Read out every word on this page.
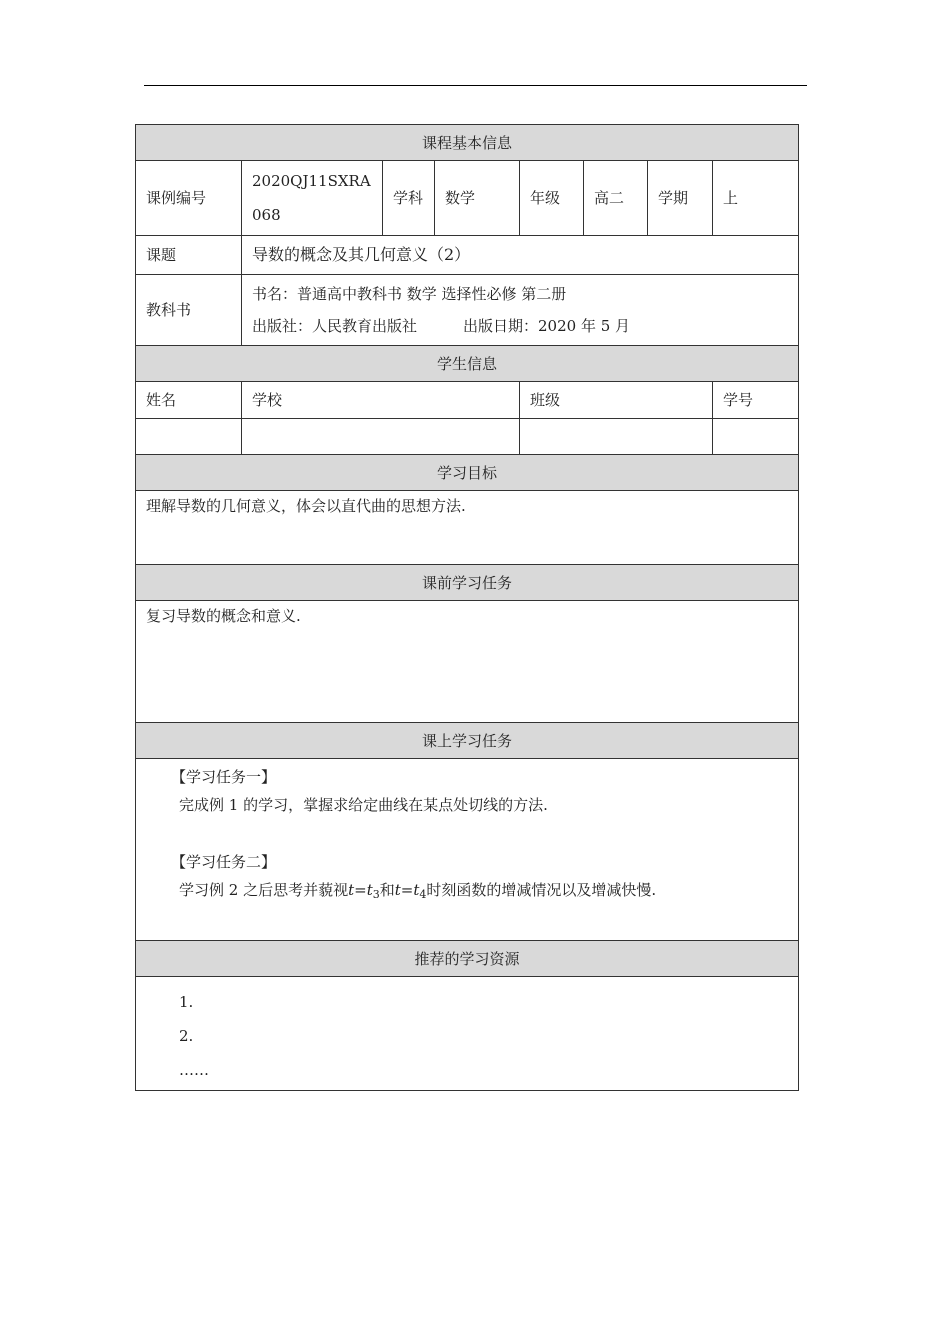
课程基本信息							
课例编号	2020QJ11SXRA068	学科	数学	年级	高二	学期	上
课题	导数的概念及其几何意义（2）						
教科书	书名：普通高中教科书 数学 选择性必修 第二册
出版社：人民教育出版社 出版日期：2020 年 5 月						

学生信息							
姓名	学校			班级			学号

学习目标							
理解导数的几何意义，体会以直代曲的思想方法.							
课前学习任务							
复习导数的概念和意义.							
课上学习任务							

【学习任务一】
完成例 1 的学习，掌握求给定曲线在某点处切线的方法.
【学习任务二】
学习例 2 之后思考并藐视$t=t_3$和$t=t_4$时刻函数的增减情况以及增减快慢.							

推荐的学习资源							

1.
2.
……							
